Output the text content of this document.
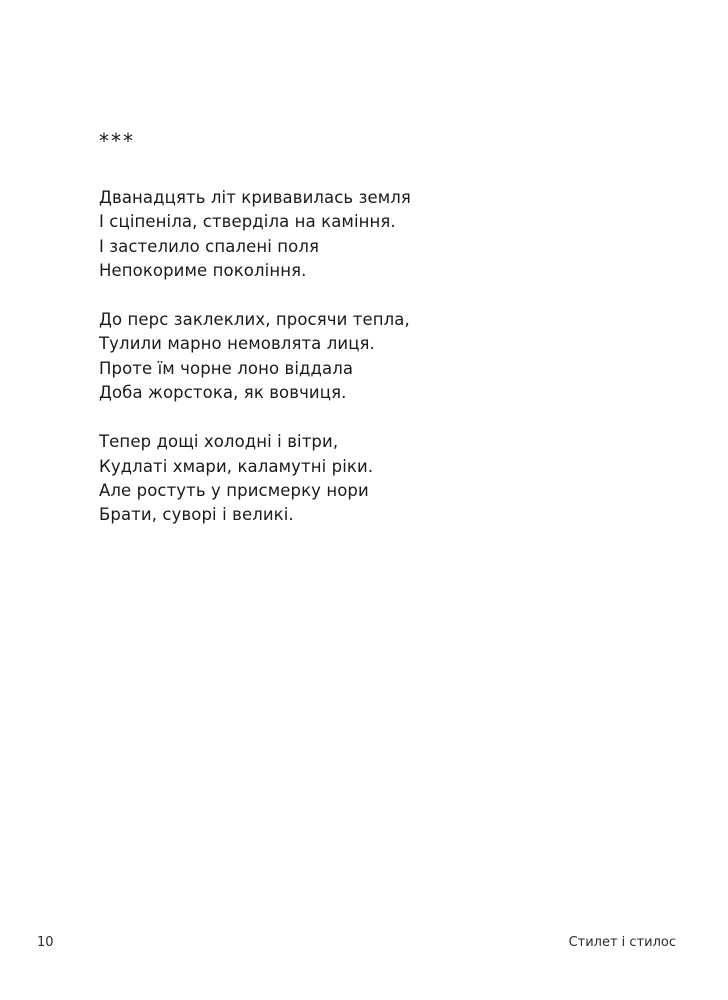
***
Дванадцять літ кривавилась земля
І сціпеніла, стверділа на каміння.
І застелило спалені поля
Непокориме покоління.
До перс заклеклих, просячи тепла,
Тулили марно немовлята лиця.
Проте їм чорне лоно віддала
Доба жорстока, як вовчиця.
Тепер дощі холодні і вітри,
Кудлаті хмари, каламутні ріки.
Але ростуть у присмерку нори
Брати, суворі і великі.
10	Стилет і стилос
